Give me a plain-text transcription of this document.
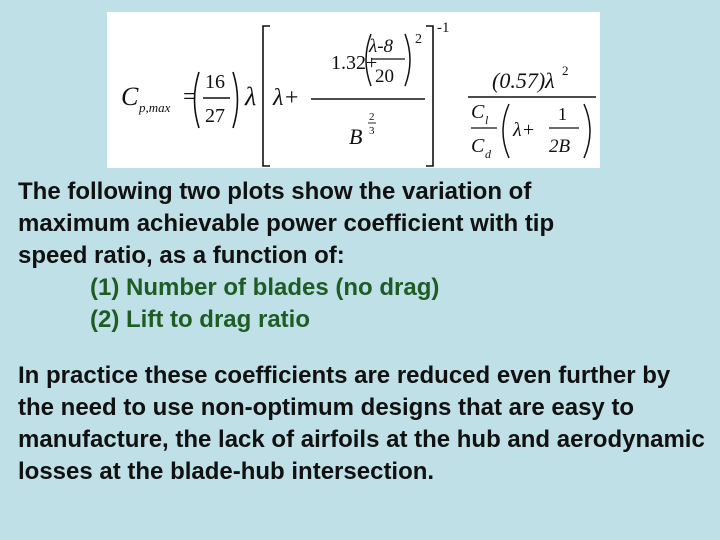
C p,max =
16
27
λ λ+
1.32+
λ-8
20
2
B
2
3
-1
(0.57)λ 2
C l
C d
λ+
1
2B

The following two plots show the variation of

maximum achievable power coefficient with tip

speed ratio, as a function of:

(1) Number of blades (no drag)
(2) Lift to drag ratio

In practice these coefficients are reduced even further by the need to use non-optimum designs that are easy to manufacture, the lack of airfoils at the hub and aerodynamic losses at the blade-hub intersection.
